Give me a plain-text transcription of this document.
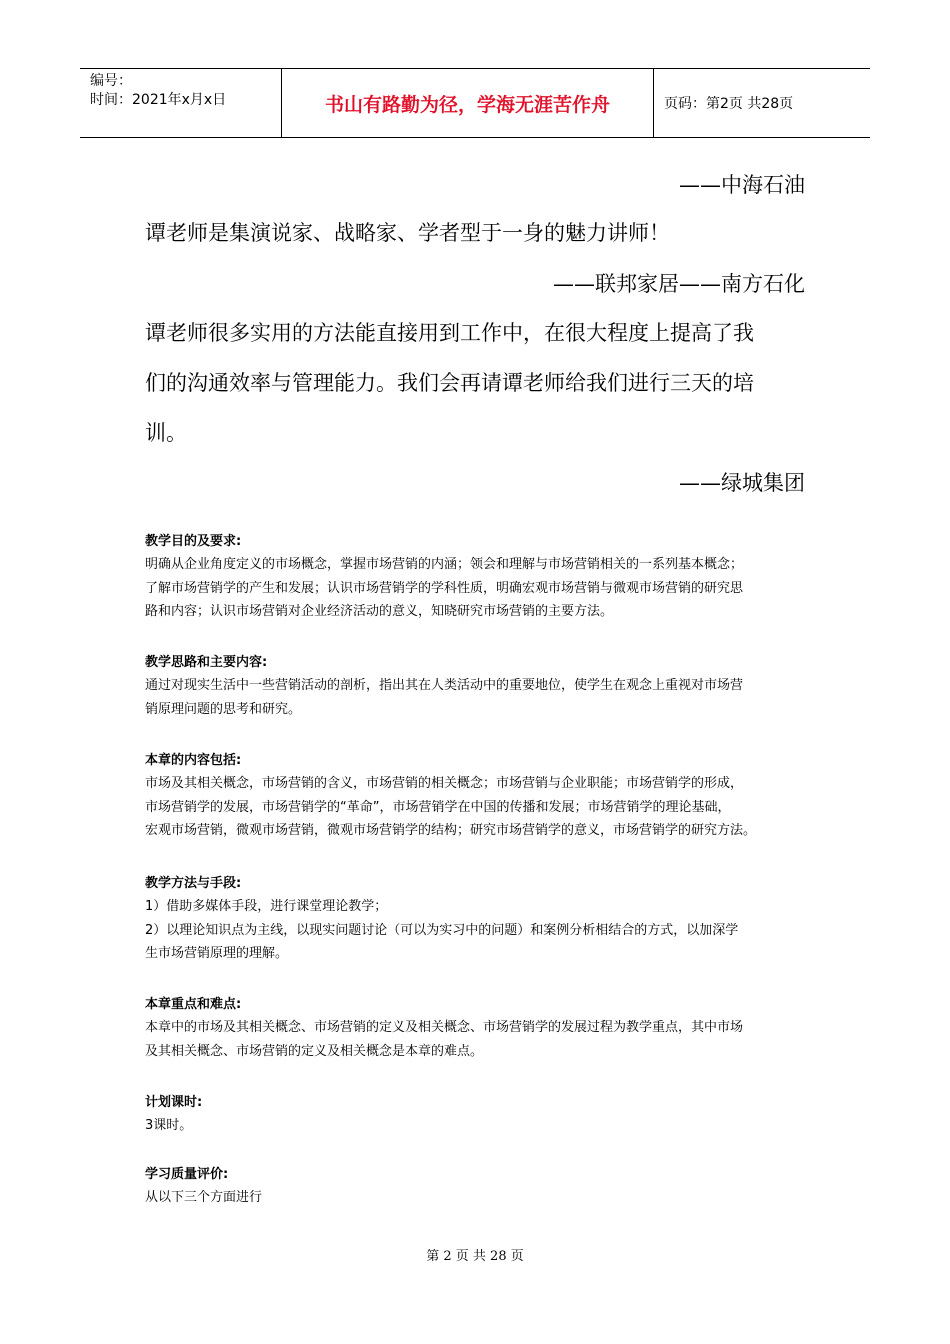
编号：
时间：2021年x月x日	书山有路勤为径，学海无涯苦作舟	页码：第2页 共28页
——中海石油
谭老师是集演说家、战略家、学者型于一身的魅力讲师！
——联邦家居——南方石化
谭老师很多实用的方法能直接用到工作中，在很大程度上提高了我
们的沟通效率与管理能力。我们会再请谭老师给我们进行三天的培
训。
——绿城集团
教学目的及要求:
明确从企业角度定义的市场概念，掌握市场营销的内涵；领会和理解与市场营销相关的一系列基本概念；
了解市场营销学的产生和发展；认识市场营销学的学科性质，明确宏观市场营销与微观市场营销的研究思
路和内容；认识市场营销对企业经济活动的意义，知晓研究市场营销的主要方法。
教学思路和主要内容:
通过对现实生活中一些营销活动的剖析，指出其在人类活动中的重要地位，使学生在观念上重视对市场营
销原理问题的思考和研究。
本章的内容包括:
市场及其相关概念，市场营销的含义，市场营销的相关概念；市场营销与企业职能；市场营销学的形成，
市场营销学的发展，市场营销学的“革命”，市场营销学在中国的传播和发展；市场营销学的理论基础，
宏观市场营销，微观市场营销，微观市场营销学的结构；研究市场营销学的意义，市场营销学的研究方法。
教学方法与手段:
1）借助多媒体手段，进行课堂理论教学；
2）以理论知识点为主线，以现实问题讨论（可以为实习中的问题）和案例分析相结合的方式，以加深学
生市场营销原理的理解。
本章重点和难点:
本章中的市场及其相关概念、市场营销的定义及相关概念、市场营销学的发展过程为教学重点，其中市场
及其相关概念、市场营销的定义及相关概念是本章的难点。
计划课时:
3课时。
学习质量评价:
从以下三个方面进行
第 2 页 共 28 页
